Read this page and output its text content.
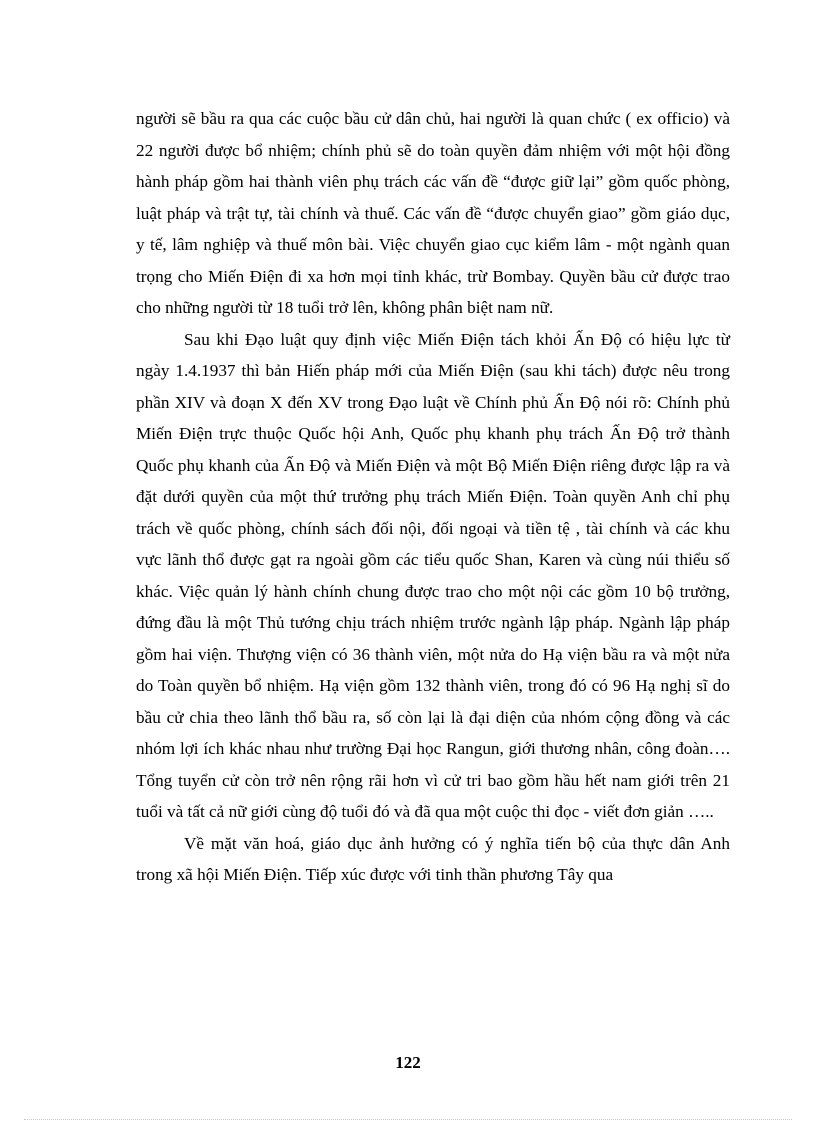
người sẽ bầu ra qua các cuộc bầu cử dân chủ, hai người là quan chức ( ex officio) và 22 người được bổ nhiệm; chính phủ sẽ do toàn quyền đảm nhiệm với một hội đồng hành pháp gồm hai thành viên phụ trách các vấn đề “được giữ lại” gồm quốc phòng, luật pháp và trật tự, tài chính và thuế. Các vấn đề “được chuyển giao” gồm giáo dục, y tế, lâm nghiệp và thuế môn bài. Việc chuyển giao cục kiểm lâm - một ngành quan trọng cho Miến Điện đi xa hơn mọi tỉnh khác, trừ Bombay. Quyền bầu cử được trao cho những người từ 18 tuổi trở lên, không phân biệt nam nữ.

Sau khi Đạo luật quy định việc Miến Điện tách khỏi Ấn Độ có hiệu lực từ ngày 1.4.1937 thì bản Hiến pháp mới của Miến Điện (sau khi tách) được nêu trong phần XIV và đoạn X đến XV trong Đạo luật về Chính phủ Ấn Độ nói rõ: Chính phủ Miến Điện trực thuộc Quốc hội Anh, Quốc phụ khanh phụ trách Ấn Độ trở thành Quốc phụ khanh của Ấn Độ và Miến Điện và một Bộ Miến Điện riêng được lập ra và đặt dưới quyền của một thứ trưởng phụ trách Miến Điện. Toàn quyền Anh chỉ phụ trách về quốc phòng, chính sách đối nội, đối ngoại và tiền tệ , tài chính và các khu vực lãnh thổ được gạt ra ngoài gồm các tiểu quốc Shan, Karen và cùng núi thiểu số khác. Việc quản lý hành chính chung được trao cho một nội các gồm 10 bộ trưởng, đứng đầu là một Thủ tướng chịu trách nhiệm trước ngành lập pháp. Ngành lập pháp gồm hai viện. Thượng viện có 36 thành viên, một nửa do Hạ viện bầu ra và một nửa do Toàn quyền bổ nhiệm. Hạ viện gồm 132 thành viên, trong đó có 96 Hạ nghị sĩ do bầu cử chia theo lãnh thổ bầu ra, số còn lại là đại diện của nhóm cộng đồng và các nhóm lợi ích khác nhau như trường Đại học Rangun, giới thương nhân, công đoàn…. Tổng tuyển cử còn trở nên rộng rãi hơn vì cử tri bao gồm hầu hết nam giới trên 21 tuổi và tất cả nữ giới cùng độ tuổi đó và đã qua một cuộc thi đọc - viết đơn giản …..

Về mặt văn hoá, giáo dục ảnh hưởng có ý nghĩa tiến bộ của thực dân Anh trong xã hội Miến Điện. Tiếp xúc được với tinh thần phương Tây qua

122
